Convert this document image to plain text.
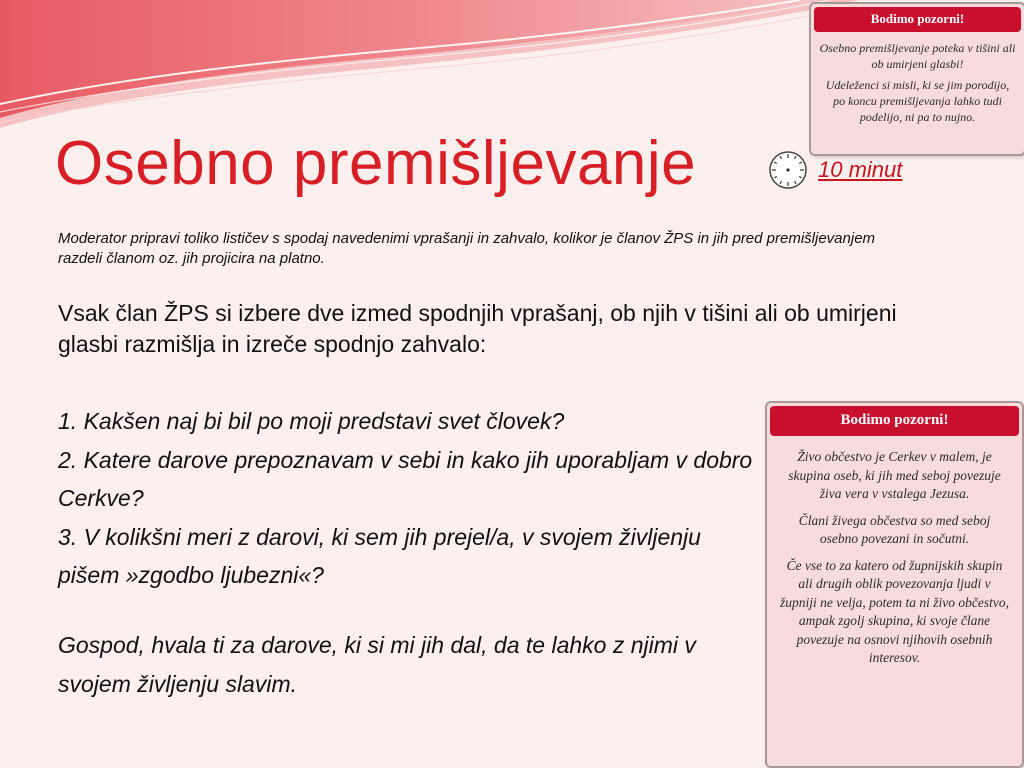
Osebno premišljevanje	10 minut

Moderator pripravi toliko lističev s spodaj navedenimi vprašanji in zahvalo, kolikor je članov ŽPS in jih pred premišljevanjem razdeli članom oz. jih projicira na platno.

Vsak član ŽPS si izbere dve izmed spodnjih vprašanj, ob njih v tišini ali ob umirjeni glasbi razmišlja in izreče spodnjo zahvalo:

1. Kakšen naj bi bil po moji predstavi svet človek?

2. Katere darove prepoznavam v sebi in kako jih uporabljam v dobro Cerkve?

3. V kolikšni meri z darovi, ki sem jih prejel/a, v svojem življenju pišem »zgodbo ljubezni«?

Gospod, hvala ti za darove, ki si mi jih dal, da te lahko z njimi v svojem življenju slavim.

Bodimo pozorni!

Osebno premišljevanje poteka v tišini ali ob umirjeni glasbi!

Udeleženci si misli, ki se jim porodijo, po koncu premišljevanja lahko tudi podelijo, ni pa to nujno.

Bodimo pozorni!

Živo občestvo je Cerkev v malem, je skupina oseb, ki jih med seboj povezuje živa vera v vstalega Jezusa.

Člani živega občestva so med seboj osebno povezani in sočutni.

Če vse to za katero od župnijskih skupin ali drugih oblik povezovanja ljudi v župniji ne velja, potem ta ni živo občestvo, ampak zgolj skupina, ki svoje člane povezuje na osnovi njihovih osebnih interesov.
